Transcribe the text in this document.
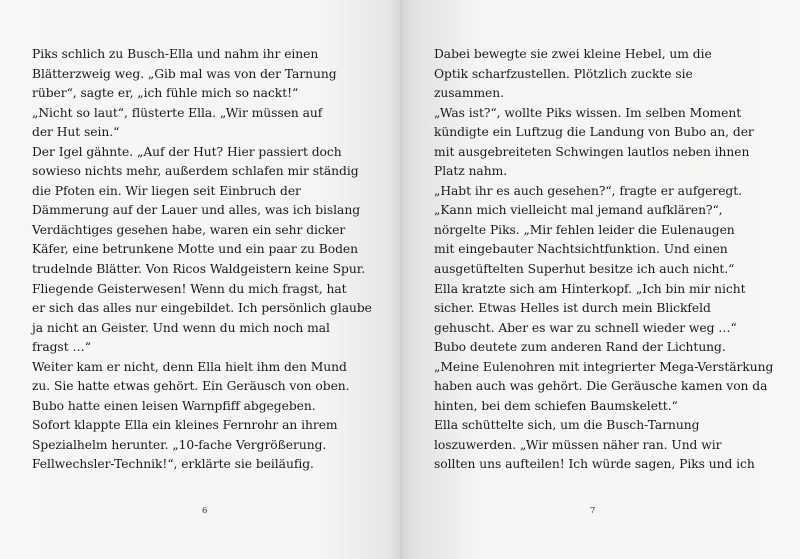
Piks schlich zu Busch-Ella und nahm ihr einen
Blätterzweig weg. „Gib mal was von der Tarnung
rüber“, sagte er, „ich fühle mich so nackt!“
„Nicht so laut“, flüsterte Ella. „Wir müssen auf
der Hut sein.“
Der Igel gähnte. „Auf der Hut? Hier passiert doch
sowieso nichts mehr, außerdem schlafen mir ständig
die Pfoten ein. Wir liegen seit Einbruch der
Dämmerung auf der Lauer und alles, was ich bislang
Verdächtiges gesehen habe, waren ein sehr dicker
Käfer, eine betrunkene Motte und ein paar zu Boden
trudelnde Blätter. Von Ricos Waldgeistern keine Spur.
Fliegende Geisterwesen! Wenn du mich fragst, hat
er sich das alles nur eingebildet. Ich persönlich glaube
ja nicht an Geister. Und wenn du mich noch mal
fragst …“
Weiter kam er nicht, denn Ella hielt ihm den Mund
zu. Sie hatte etwas gehört. Ein Geräusch von oben.
Bubo hatte einen leisen Warnpfiff abgegeben.
Sofort klappte Ella ein kleines Fernrohr an ihrem
Spezialhelm herunter. „10-fache Vergrößerung.
Fellwechsler-Technik!“, erklärte sie beiläufig.
6
Dabei bewegte sie zwei kleine Hebel, um die
Optik scharfzustellen. Plötzlich zuckte sie
zusammen.
„Was ist?“, wollte Piks wissen. Im selben Moment
kündigte ein Luftzug die Landung von Bubo an, der
mit ausgebreiteten Schwingen lautlos neben ihnen
Platz nahm.
„Habt ihr es auch gesehen?“, fragte er aufgeregt.
„Kann mich vielleicht mal jemand aufklären?“,
nörgelte Piks. „Mir fehlen leider die Eulenaugen
mit eingebauter Nachtsichtfunktion. Und einen
ausgetüftelten Superhut besitze ich auch nicht.“
Ella kratzte sich am Hinterkopf. „Ich bin mir nicht
sicher. Etwas Helles ist durch mein Blickfeld
gehuscht. Aber es war zu schnell wieder weg …“
Bubo deutete zum anderen Rand der Lichtung.
„Meine Eulenohren mit integrierter Mega-Verstärkung
haben auch was gehört. Die Geräusche kamen von da
hinten, bei dem schiefen Baumskelett.“
Ella schüttelte sich, um die Busch-Tarnung
loszuwerden. „Wir müssen näher ran. Und wir
sollten uns aufteilen! Ich würde sagen, Piks und ich
7
